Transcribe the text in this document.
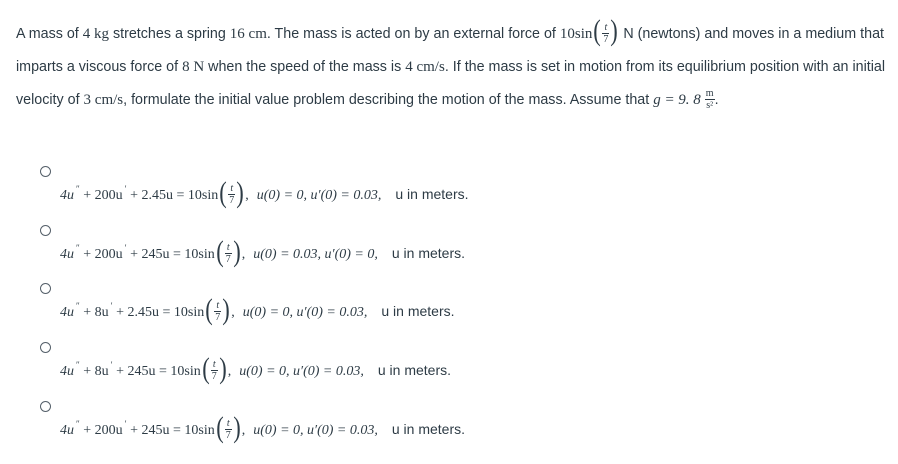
A mass of 4 kg stretches a spring 16 cm. The mass is acted on by an external force of $10\sin( \frac{t}{7}$ ) N (newtons) and moves in a medium that imparts a viscous force of 8 N when the speed of the mass is 4 cm/s. If the mass is set in motion from its equilibrium position with an initial velocity of 3 cm/s, formulate the initial value problem describing the motion of the mass. Assume that g = 9. $8 \frac{m}{\text{s²}}$ .
4u ″ + 200u $' + 2.45u = 10\sin( \frac{t}{7}$ ), u(0) = 0, u′(0) = 0.03, u in meters.
4u ″ + 200u $' + 245u = 10\sin( \frac{t}{7}$ ), u(0) = 0.03, u′(0) = 0, u in meters.
4u ″ + 8u $' + 2.45u = 10\sin( \frac{t}{7}$ ), u(0) = 0, u′(0) = 0.03, u in meters.
4u ″ + 8u $' + 245u = 10\sin( \frac{t}{7}$ ), u(0) = 0, u′(0) = 0.03, u in meters.
4u ″ + 200u $' + 245u = 10\sin( \frac{t}{7}$ ), u(0) = 0, u′(0) = 0.03, u in meters.
